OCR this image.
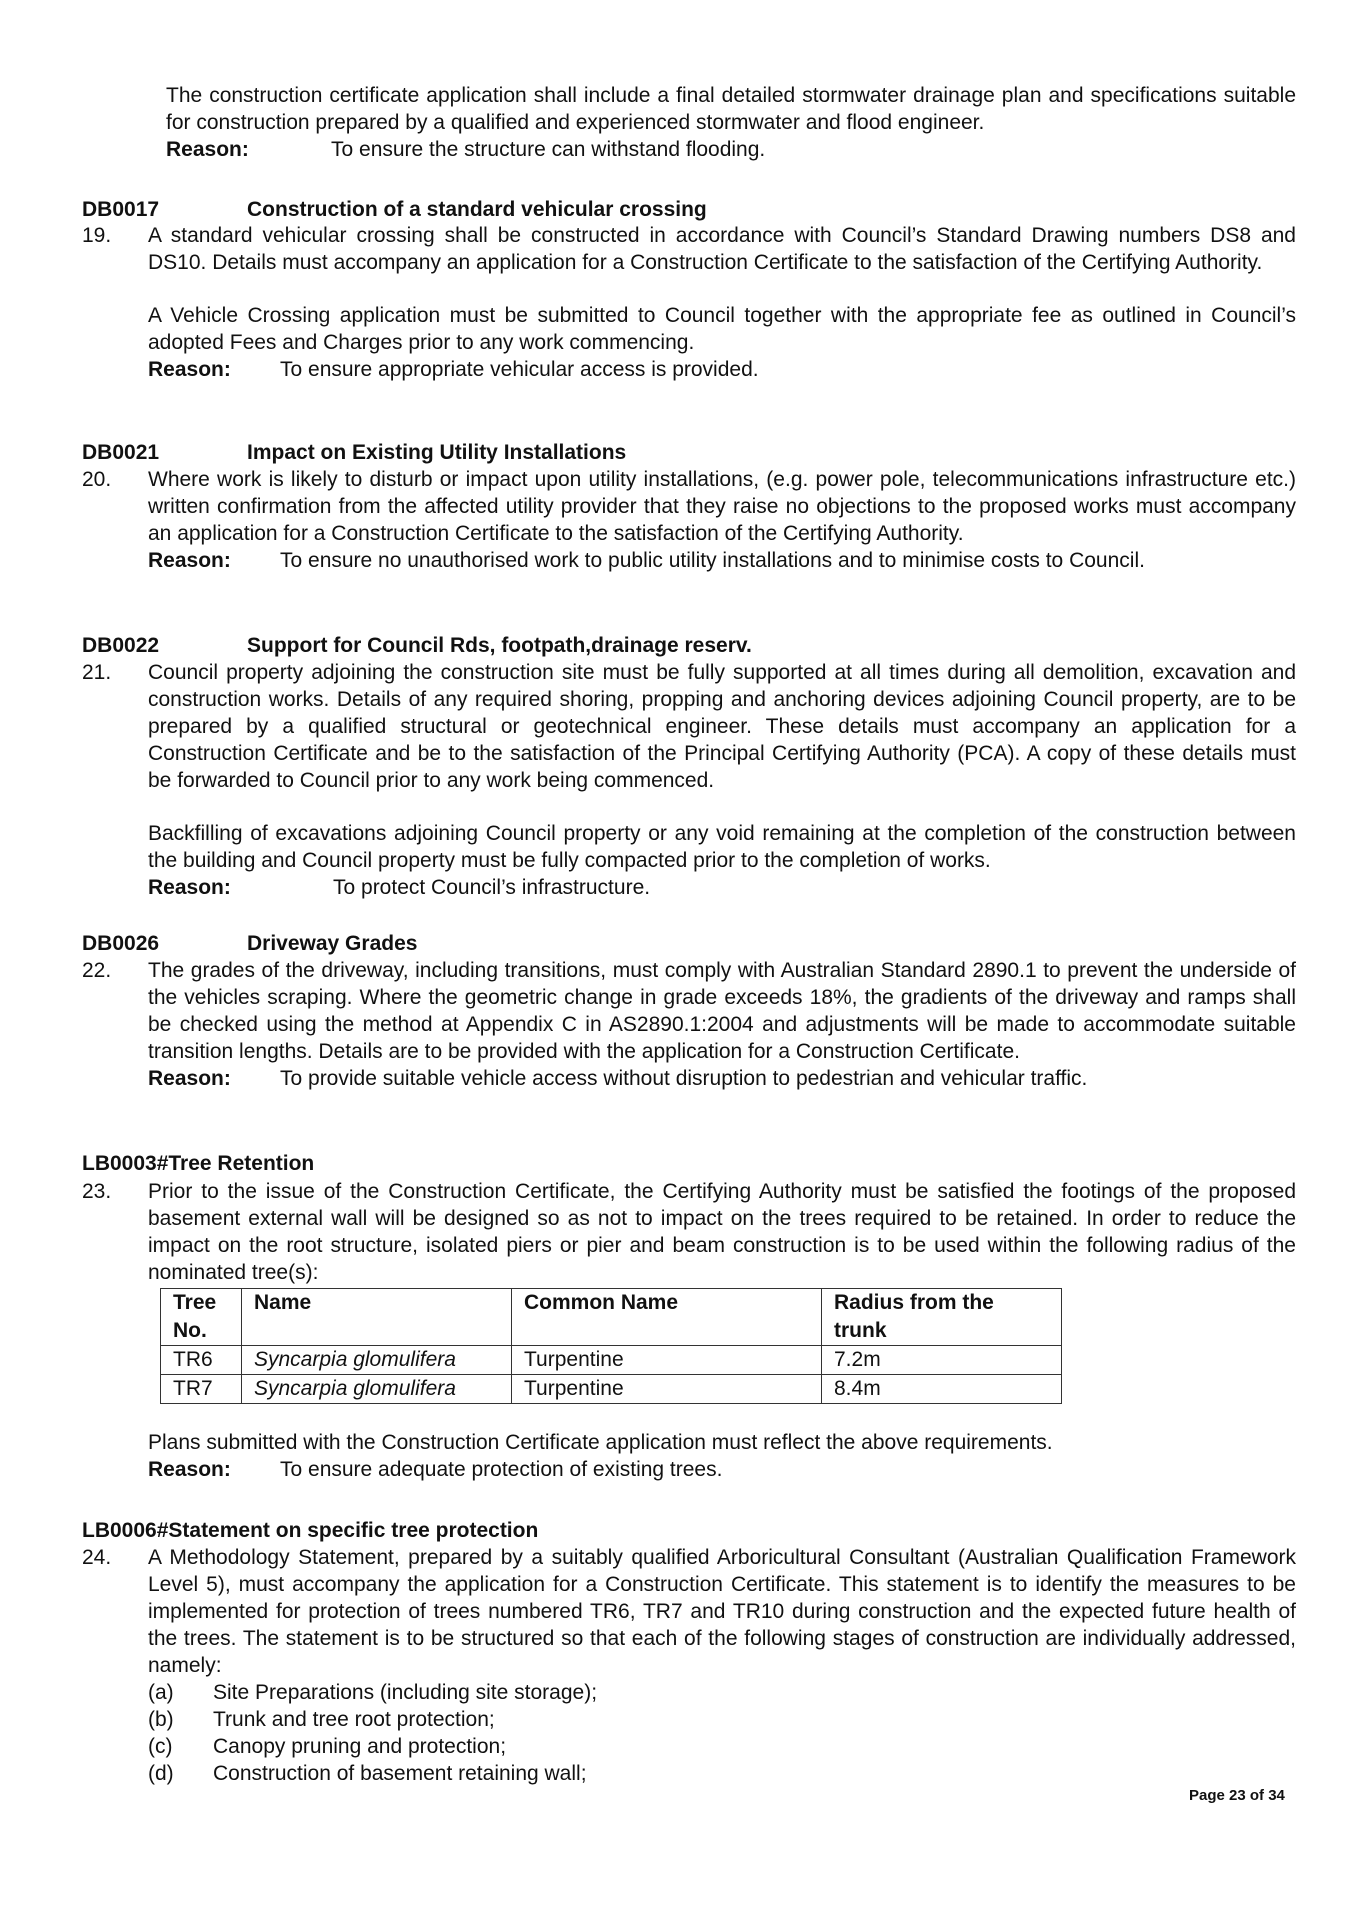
The construction certificate application shall include a final detailed stormwater drainage plan and specifications suitable for construction prepared by a qualified and experienced stormwater and flood engineer.

Reason:	To ensure the structure can withstand flooding.
DB0017	Construction of a standard vehicular crossing
19. A standard vehicular crossing shall be constructed in accordance with Council’s Standard Drawing numbers DS8 and DS10. Details must accompany an application for a Construction Certificate to the satisfaction of the Certifying Authority.

A Vehicle Crossing application must be submitted to Council together with the appropriate fee as outlined in Council’s adopted Fees and Charges prior to any work commencing.

Reason:	To ensure appropriate vehicular access is provided.
DB0021	Impact on Existing Utility Installations
20. Where work is likely to disturb or impact upon utility installations, (e.g. power pole, telecommunications infrastructure etc.) written confirmation from the affected utility provider that they raise no objections to the proposed works must accompany an application for a Construction Certificate to the satisfaction of the Certifying Authority.

Reason:	To ensure no unauthorised work to public utility installations and to minimise costs to Council.
DB0022	Support for Council Rds, footpath,drainage reserv.
21. Council property adjoining the construction site must be fully supported at all times during all demolition, excavation and construction works. Details of any required shoring, propping and anchoring devices adjoining Council property, are to be prepared by a qualified structural or geotechnical engineer. These details must accompany an application for a Construction Certificate and be to the satisfaction of the Principal Certifying Authority (PCA). A copy of these details must be forwarded to Council prior to any work being commenced.

Backfilling of excavations adjoining Council property or any void remaining at the completion of the construction between the building and Council property must be fully compacted prior to the completion of works.

Reason:	To protect Council’s infrastructure.
DB0026	Driveway Grades
22. The grades of the driveway, including transitions, must comply with Australian Standard 2890.1 to prevent the underside of the vehicles scraping. Where the geometric change in grade exceeds 18%, the gradients of the driveway and ramps shall be checked using the method at Appendix C in AS2890.1:2004 and adjustments will be made to accommodate suitable transition lengths. Details are to be provided with the application for a Construction Certificate.

Reason:	To provide suitable vehicle access without disruption to pedestrian and vehicular traffic.
LB0003#Tree Retention
23. Prior to the issue of the Construction Certificate, the Certifying Authority must be satisfied the footings of the proposed basement external wall will be designed so as not to impact on the trees required to be retained. In order to reduce the impact on the root structure, isolated piers or pier and beam construction is to be used within the following radius of the nominated tree(s):

Tree No.	Name	Common Name	Radius from the trunk
TR6	Syncarpia glomulifera	Turpentine	7.2m
TR7	Syncarpia glomulifera	Turpentine	8.4m

Plans submitted with the Construction Certificate application must reflect the above requirements.

Reason:	To ensure adequate protection of existing trees.
LB0006#Statement on specific tree protection
24. A Methodology Statement, prepared by a suitably qualified Arboricultural Consultant (Australian Qualification Framework Level 5), must accompany the application for a Construction Certificate. This statement is to identify the measures to be implemented for protection of trees numbered TR6, TR7 and TR10 during construction and the expected future health of the trees. The statement is to be structured so that each of the following stages of construction are individually addressed, namely:

(a)	Site Preparations (including site storage);
(b)	Trunk and tree root protection;
(c)	Canopy pruning and protection;
(d)	Construction of basement retaining wall;
Page 23 of 34
